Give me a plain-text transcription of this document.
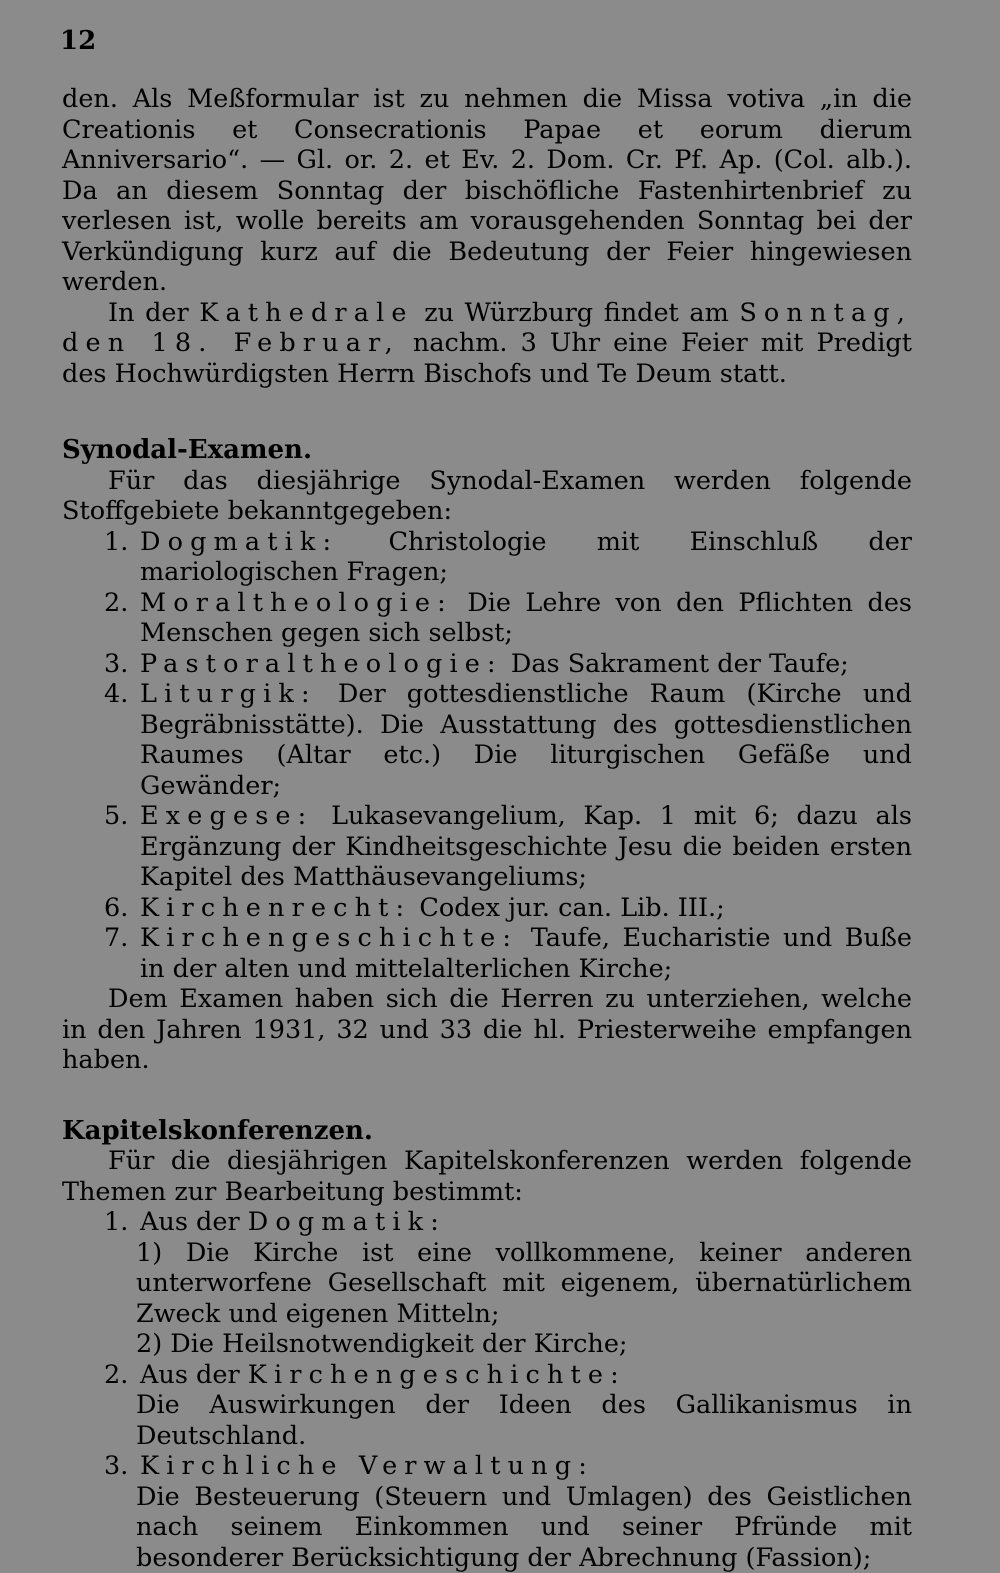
12

den. Als Meßformular ist zu nehmen die Missa votiva „in die Creationis et Consecrationis Papae et eorum dierum Anniversario“. — Gl. or. 2. et Ev. 2. Dom. Cr. Pf. Ap. (Col. alb.). Da an diesem Sonntag der bischöfliche Fastenhirtenbrief zu verlesen ist, wolle bereits am vorausgehenden Sonntag bei der Verkündigung kurz auf die Bedeutung der Feier hingewiesen werden.

In der Kathedrale zu Würzburg findet am Sonntag, den 18. Februar, nachm. 3 Uhr eine Feier mit Predigt des Hochwürdigsten Herrn Bischofs und Te Deum statt.

Synodal-Examen.

Für das diesjährige Synodal-Examen werden folgende Stoffgebiete bekanntgegeben:

1. Dogmatik: Christologie mit Einschluß der mariologischen Fragen;
2. Moraltheologie: Die Lehre von den Pflichten des Menschen gegen sich selbst;
3. Pastoraltheologie: Das Sakrament der Taufe;
4. Liturgik: Der gottesdienstliche Raum (Kirche und Begräbnisstätte). Die Ausstattung des gottesdienstlichen Raumes (Altar etc.) Die liturgischen Gefäße und Gewänder;
5. Exegese: Lukasevangelium, Kap. 1 mit 6; dazu als Ergänzung der Kindheitsgeschichte Jesu die beiden ersten Kapitel des Matthäusevangeliums;
6. Kirchenrecht: Codex jur. can. Lib. III.;
7. Kirchengeschichte: Taufe, Eucharistie und Buße in der alten und mittelalterlichen Kirche;

Dem Examen haben sich die Herren zu unterziehen, welche in den Jahren 1931, 32 und 33 die hl. Priesterweihe empfangen haben.

Kapitelskonferenzen.

Für die diesjährigen Kapitelskonferenzen werden folgende Themen zur Bearbeitung bestimmt:

1. Aus der Dogmatik:

1) Die Kirche ist eine vollkommene, keiner anderen unterworfene Gesellschaft mit eigenem, übernatürlichem Zweck und eigenen Mitteln;

2) Die Heilsnotwendigkeit der Kirche;

2. Aus der Kirchengeschichte:

Die Auswirkungen der Ideen des Gallikanismus in Deutschland.

3. Kirchliche Verwaltung:

Die Besteuerung (Steuern und Umlagen) des Geistlichen nach seinem Einkommen und seiner Pfründe mit besonderer Berücksichtigung der Abrechnung (Fassion);
